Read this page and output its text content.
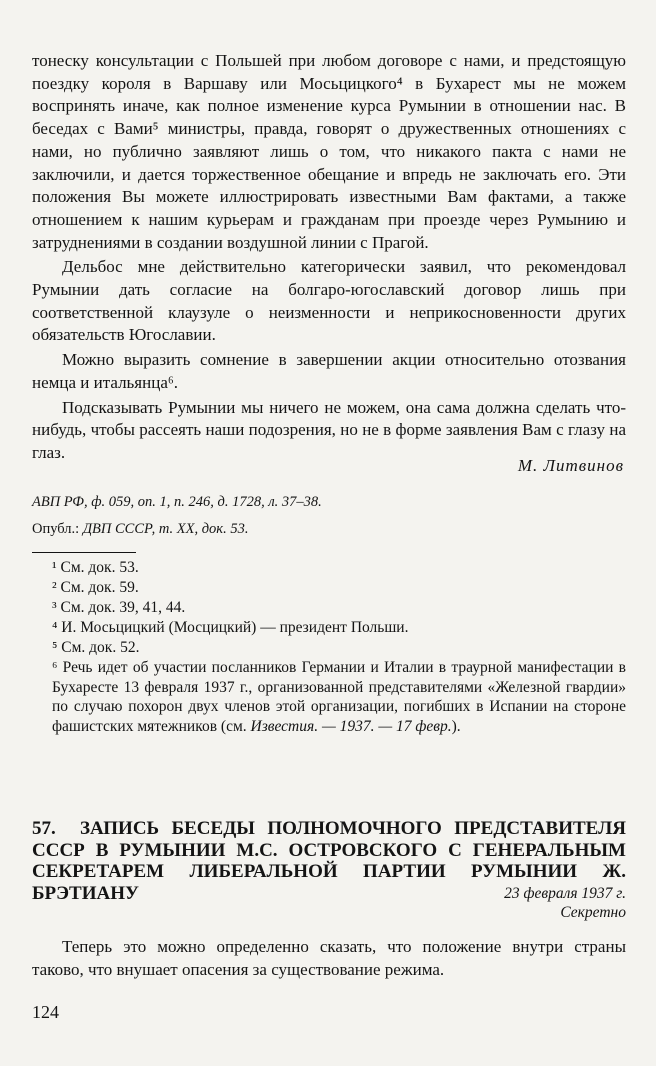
тонеску консультации с Польшей при любом договоре с нами, и предстоящую поездку короля в Варшаву или Мосьцицкого⁴ в Бухарест мы не можем воспринять иначе, как полное изменение курса Румынии в отношении нас. В беседах с Вами⁵ министры, правда, говорят о дружественных отношениях с нами, но публично заявляют лишь о том, что никакого пакта с нами не заключили, и дается торжественное обещание и впредь не заключать его. Эти положения Вы можете иллюстрировать известными Вам фактами, а также отношением к нашим курьерам и гражданам при проезде через Румынию и затруднениями в создании воздушной линии с Прагой.

Дельбос мне действительно категорически заявил, что рекомендовал Румынии дать согласие на болгаро-югославский договор лишь при соответственной клаузуле о неизменности и неприкосновенности других обязательств Югославии.

Можно выразить сомнение в завершении акции относительно отозвания немца и итальянца⁶.

Подсказывать Румынии мы ничего не можем, она сама должна сделать что-нибудь, чтобы рассеять наши подозрения, но не в форме заявления Вам с глазу на глаз.

М. Литвинов
АВП РФ, ф. 059, оп. 1, п. 246, д. 1728, л. 37–38.
Опубл.: ДВП СССР, т. XX, док. 53.
¹ См. док. 53.
² См. док. 59.
³ См. док. 39, 41, 44.
⁴ И. Мосьцицкий (Мосцицкий) — президент Польши.
⁵ См. док. 52.
⁶ Речь идет об участии посланников Германии и Италии в траурной манифестации в Бухаресте 13 февраля 1937 г., организованной представителями «Железной гвардии» по случаю похорон двух членов этой организации, погибших в Испании на стороне фашистских мятежников (см. Известия. — 1937. — 17 февр.).
57. ЗАПИСЬ БЕСЕДЫ ПОЛНОМОЧНОГО ПРЕДСТАВИТЕЛЯ СССР В РУМЫНИИ М.С. ОСТРОВСКОГО С ГЕНЕРАЛЬНЫМ СЕКРЕТАРЕМ ЛИБЕРАЛЬНОЙ ПАРТИИ РУМЫНИИ Ж. БРЭТИАНУ	23 февраля 1937 г.
Секретно

Теперь это можно определенно сказать, что положение внутри страны таково, что внушает опасения за существование режима.

124
